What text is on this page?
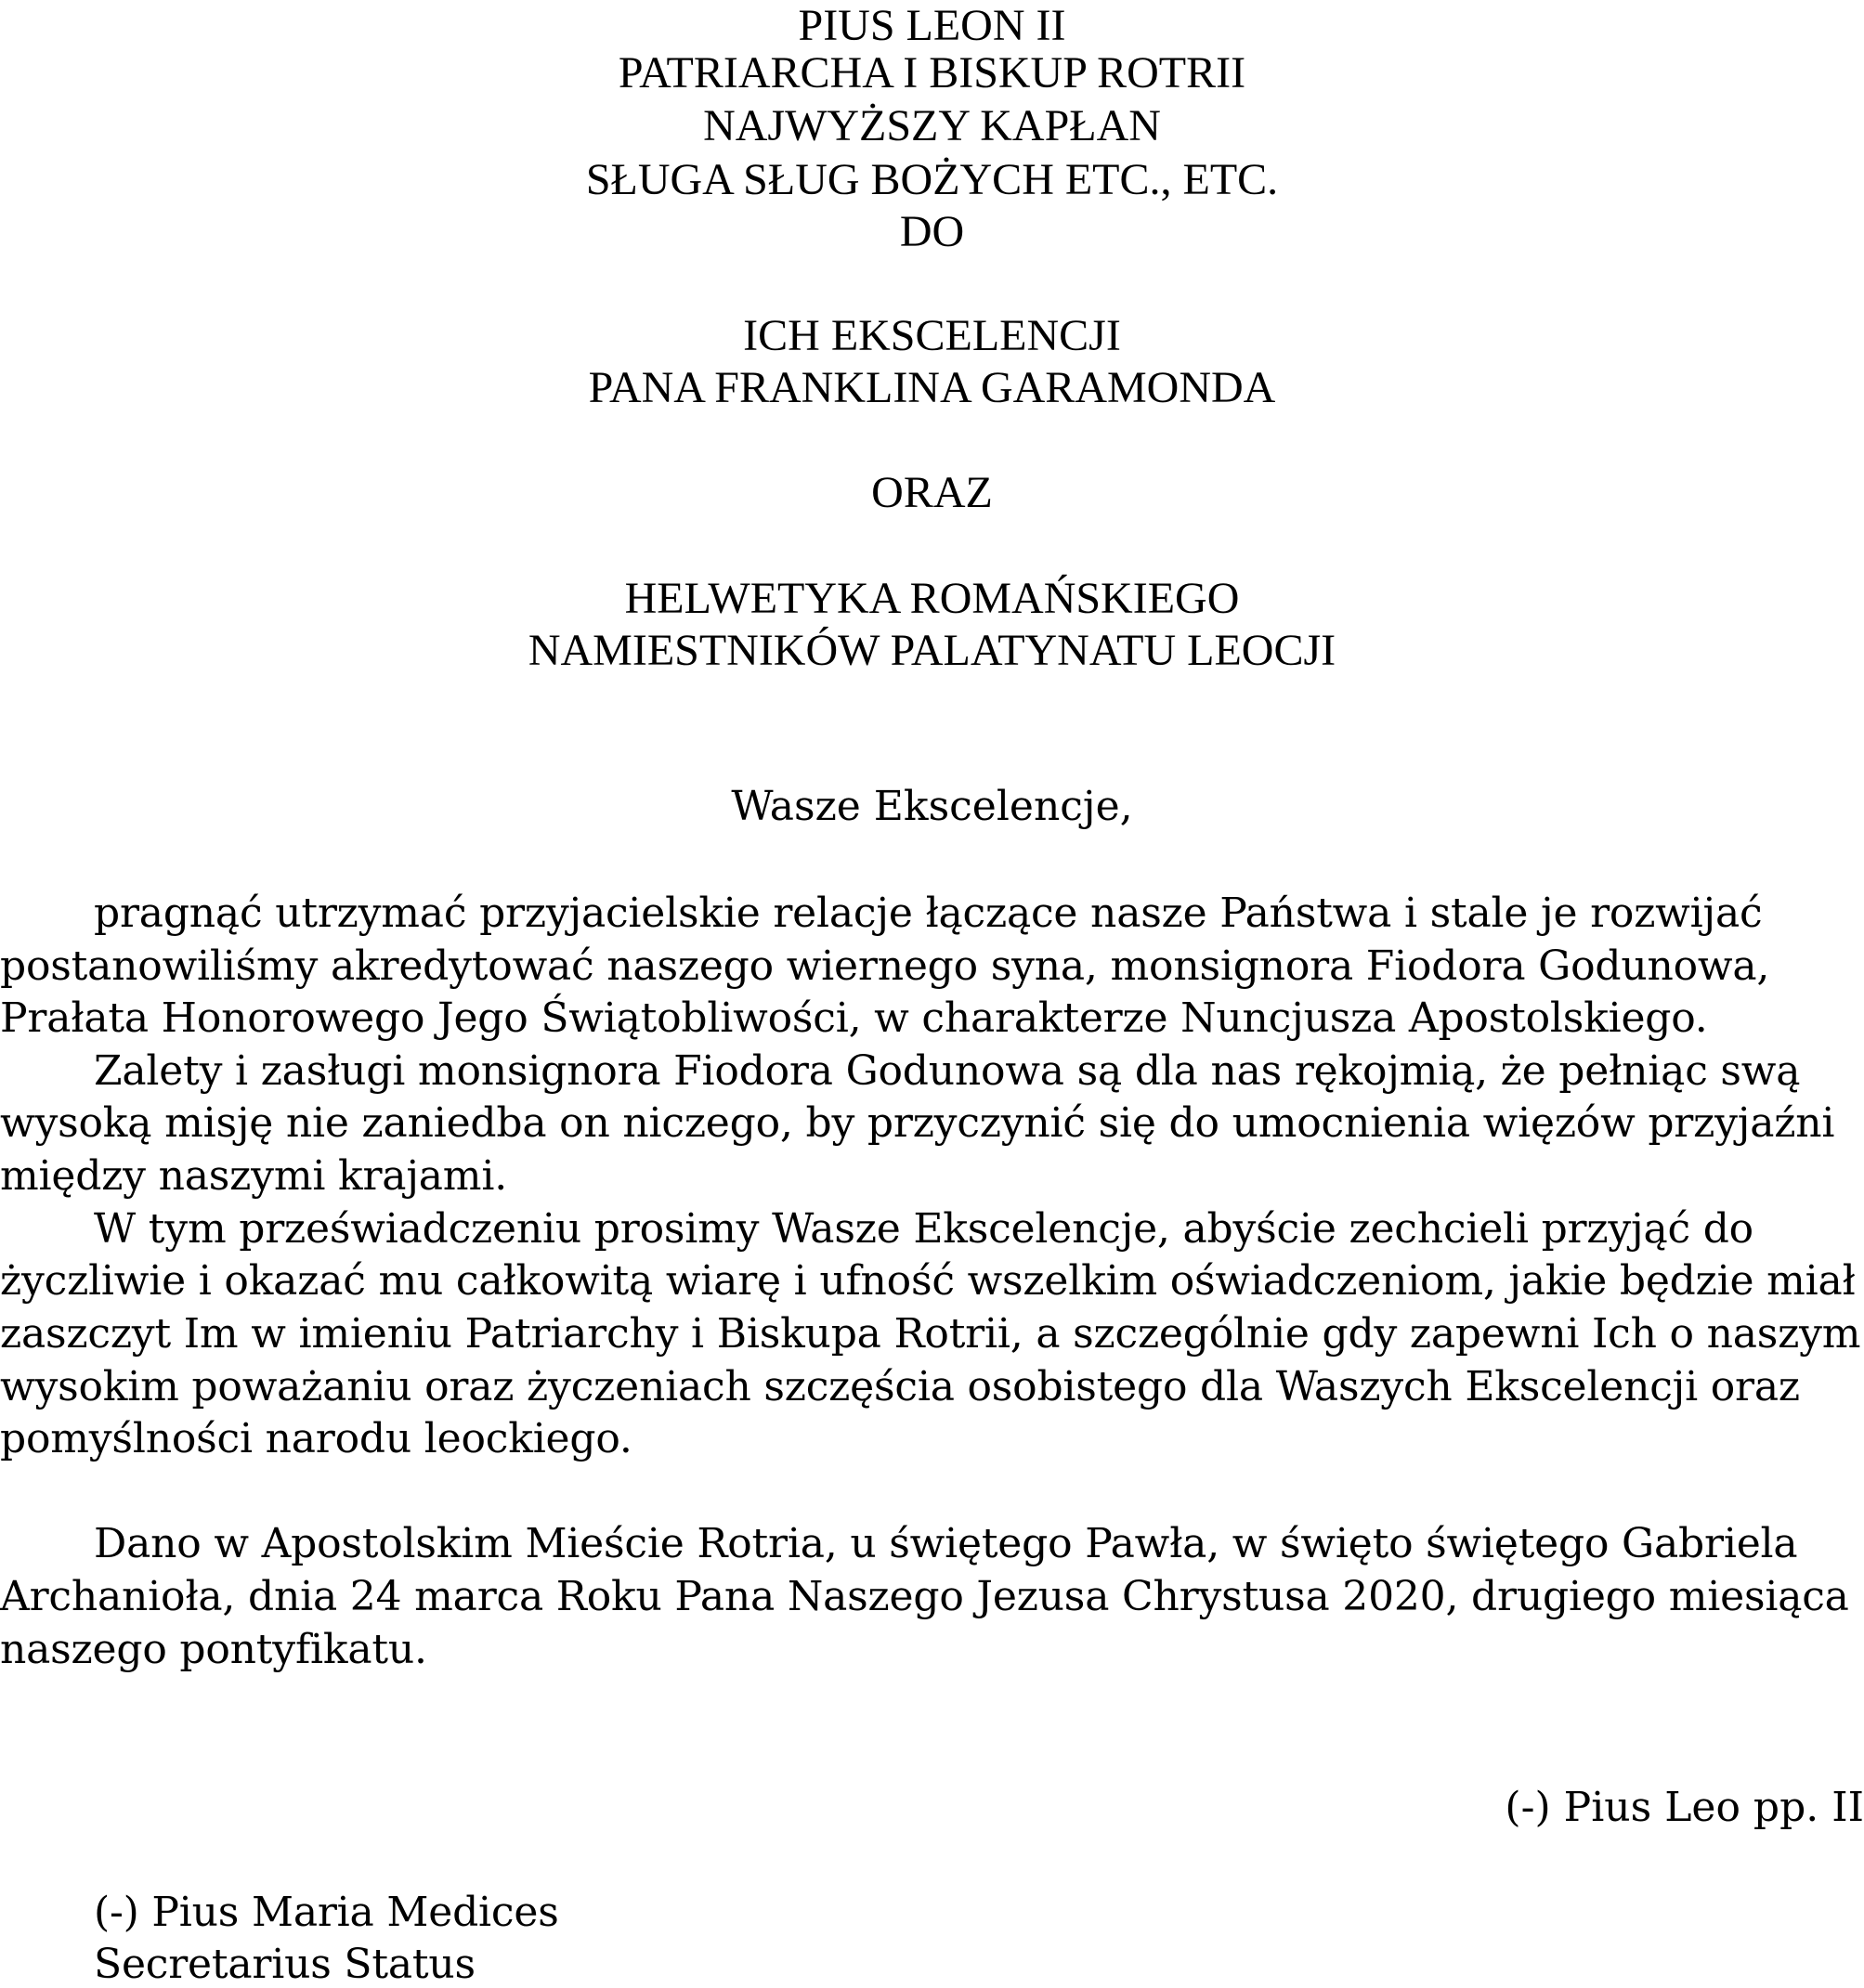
PIUS LEON II
PATRIARCHA I BISKUP ROTRII
NAJWYŻSZY KAPŁAN
SŁUGA SŁUG BOŻYCH ETC., ETC.
DO
ICH EKSCELENCJI
PANA FRANKLINA GARAMONDA
ORAZ
HELWETYKA ROMAŃSKIEGO
NAMIESTNIKÓW PALATYNATU LEOCJI
Wasze Ekscelencje,
pragnąć utrzymać przyjacielskie relacje łączące nasze Państwa i stale je rozwijać
postanowiliśmy akredytować naszego wiernego syna, monsignora Fiodora Godunowa,
Prałata Honorowego Jego Świątobliwości, w charakterze Nuncjusza Apostolskiego.
Zalety i zasługi monsignora Fiodora Godunowa są dla nas rękojmią, że pełniąc swą
wysoką misję nie zaniedba on niczego, by przyczynić się do umocnienia więzów przyjaźni
między naszymi krajami.
W tym przeświadczeniu prosimy Wasze Ekscelencje, abyście zechcieli przyjąć do
życzliwie i okazać mu całkowitą wiarę i ufność wszelkim oświadczeniom, jakie będzie miał
zaszczyt Im w imieniu Patriarchy i Biskupa Rotrii, a szczególnie gdy zapewni Ich o naszym
wysokim poważaniu oraz życzeniach szczęścia osobistego dla Waszych Ekscelencji oraz
pomyślności narodu leockiego.
Dano w Apostolskim Mieście Rotria, u świętego Pawła, w święto świętego Gabriela
Archanioła, dnia 24 marca Roku Pana Naszego Jezusa Chrystusa 2020, drugiego miesiąca
naszego pontyfikatu.
(-) Pius Leo pp. II
(-) Pius Maria Medices
Secretarius Status
